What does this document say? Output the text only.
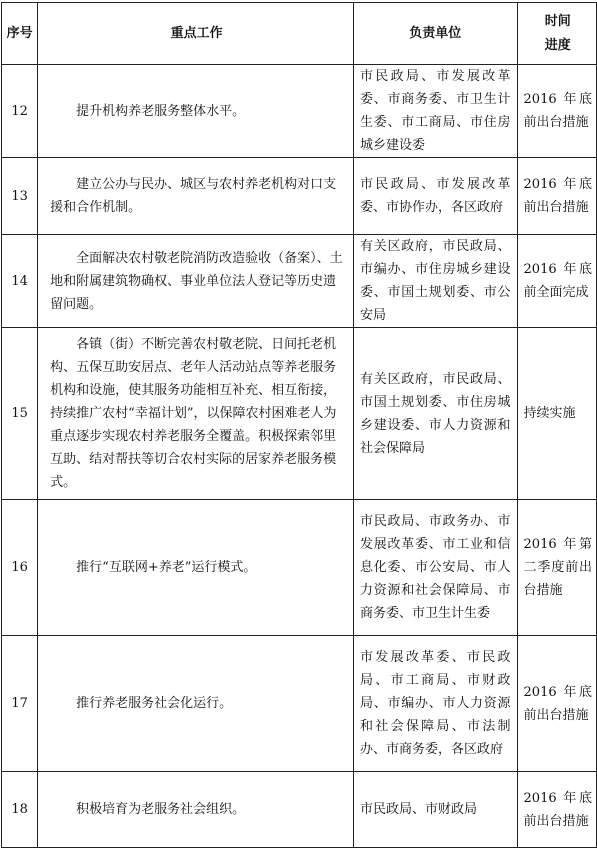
序号	重点工作	负责单位	时间
进度
12	提升机构养老服务整体水平。	市民政局、市发展改革委、市商务委、市卫生计生委、市工商局、市住房城乡建设委	2016 年底前出台措施
13	建立公办与民办、城区与农村养老机构对口支援和合作机制。	市民政局、市发展改革委、市协作办，各区政府	2016 年底前出台措施
14	全面解决农村敬老院消防改造验收（备案）、土地和附属建筑物确权、事业单位法人登记等历史遗留问题。	有关区政府，市民政局、市编办、市住房城乡建设委、市国土规划委、市公安局	2016 年底前全面完成
15	各镇（街）不断完善农村敬老院、日间托老机构、五保互助安居点、老年人活动站点等养老服务机构和设施，使其服务功能相互补充、相互衔接，持续推广农村“幸福计划”，以保障农村困难老人为重点逐步实现农村养老服务全覆盖。积极探索邻里互助、结对帮扶等切合农村实际的居家养老服务模式。	有关区政府，市民政局、市国土规划委、市住房城乡建设委、市人力资源和社会保障局	持续实施
16	推行“互联网+养老”运行模式。	市民政局、市政务办、市发展改革委、市工业和信息化委、市公安局、市人力资源和社会保障局、市商务委、市卫生计生委	2016 年第二季度前出台措施
17	推行养老服务社会化运行。	市发展改革委、市民政局、市工商局、市财政局、市编办、市人力资源和社会保障局、市法制办、市商务委，各区政府	2016 年底前出台措施
18	积极培育为老服务社会组织。	市民政局、市财政局	2016 年底前出台措施
